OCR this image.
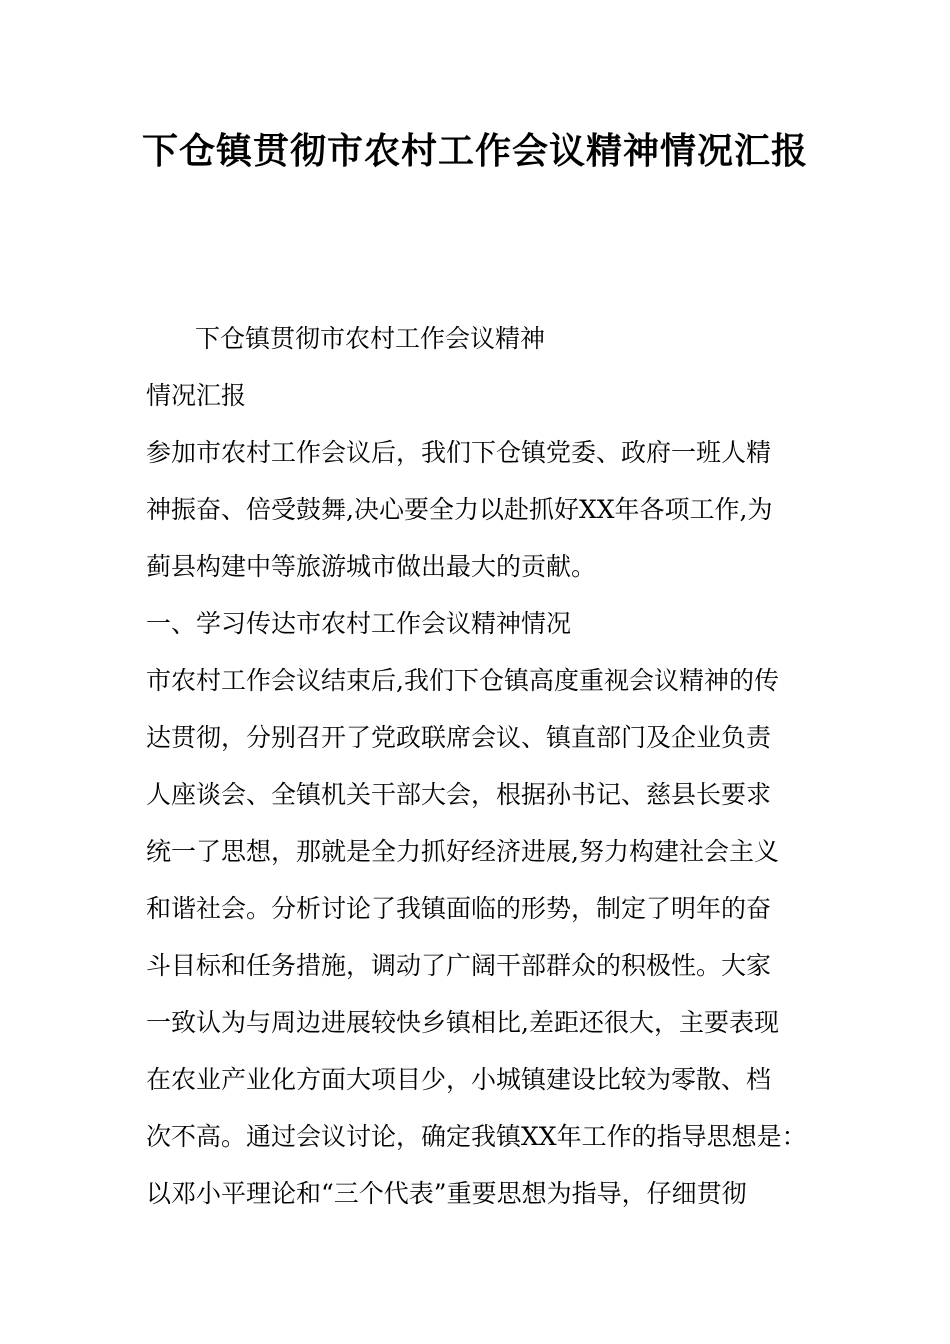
下仓镇贯彻市农村工作会议精神情况汇报
下仓镇贯彻市农村工作会议精神
情况汇报
参加市农村工作会议后，我们下仓镇党委、政府一班人精
神振奋、倍受鼓舞,决心要全力以赴抓好XX年各项工作,为
蓟县构建中等旅游城市做出最大的贡献。
一、学习传达市农村工作会议精神情况
市农村工作会议结束后,我们下仓镇高度重视会议精神的传
达贯彻，分别召开了党政联席会议、镇直部门及企业负责
人座谈会、全镇机关干部大会，根据孙书记、慈县长要求
统一了思想，那就是全力抓好经济进展,努力构建社会主义
和谐社会。分析讨论了我镇面临的形势，制定了明年的奋
斗目标和任务措施，调动了广阔干部群众的积极性。大家
一致认为与周边进展较快乡镇相比,差距还很大，主要表现
在农业产业化方面大项目少，小城镇建设比较为零散、档
次不高。通过会议讨论，确定我镇XX年工作的指导思想是：
以邓小平理论和“三个代表”重要思想为指导，仔细贯彻
